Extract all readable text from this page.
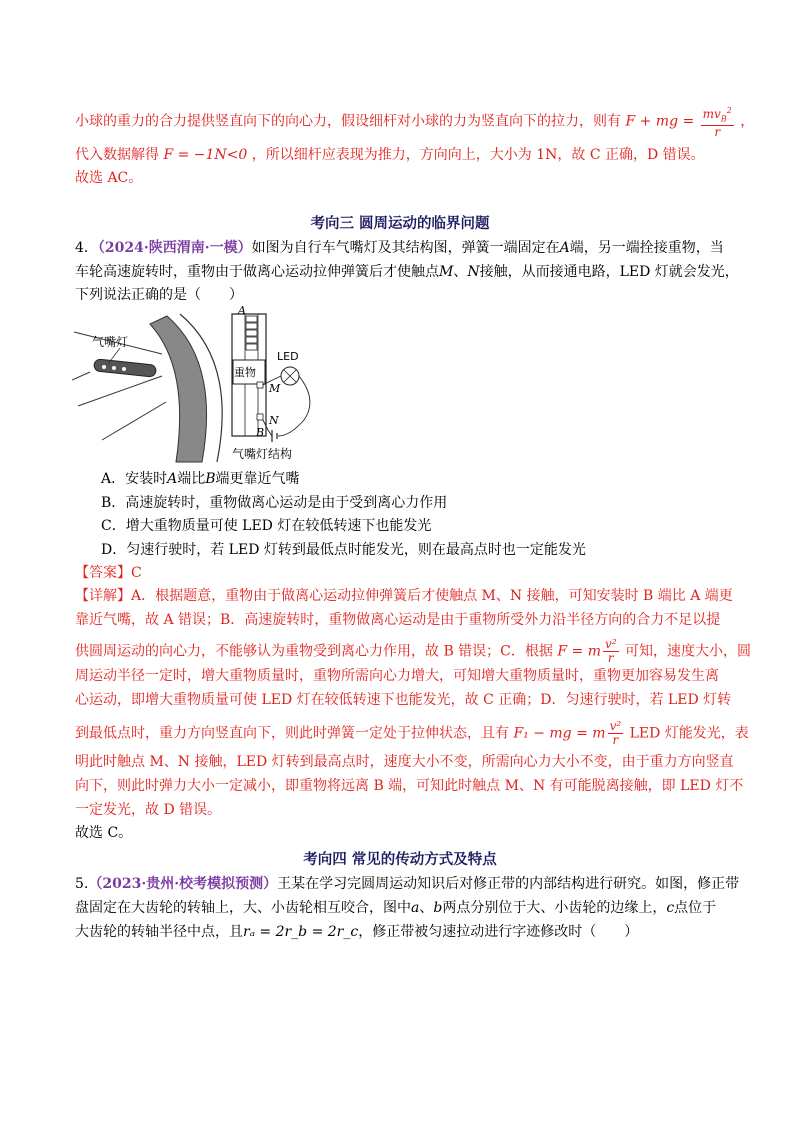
小球的重力的合力提供竖直向下的向心力，假设细杆对小球的力为竖直向下的拉力，则有 F + mg = $\frac{mv_B^2}{r}$ ，
代入数据解得 F = −1N<0 ，所以细杆应表现为推力，方向向上，大小为 1N，故 C 正确，D 错误。
故选 AC。
考向三 圆周运动的临界问题
4．（2024·陕西渭南·一模）如图为自行车气嘴灯及其结构图，弹簧一端固定在A端，另一端拴接重物，当
车轮高速旋转时，重物由于做离心运动拉伸弹簧后才使触点M、N接触，从而接通电路，LED 灯就会发光，
下列说法正确的是（　　）
气嘴灯
A
重物
M
N
B
LED
气嘴灯结构
A．安装时A端比B端更靠近气嘴
B．高速旋转时，重物做离心运动是由于受到离心力作用
C．增大重物质量可使 LED 灯在较低转速下也能发光
D．匀速行驶时，若 LED 灯转到最低点时能发光，则在最高点时也一定能发光
【答案】C
【详解】A．根据题意，重物由于做离心运动拉伸弹簧后才使触点 M、N 接触，可知安装时 B 端比 A 端更
靠近气嘴，故 A 错误；B．高速旋转时，重物做离心运动是由于重物所受外力沿半径方向的合力不足以提
供圆周运动的向心力，不能够认为重物受到离心力作用，故 B 错误；C．根据 F = m $\frac{\text{v²}}{r}$ 可知，速度大小，圆
周运动半径一定时，增大重物质量时，重物所需向心力增大，可知增大重物质量时，重物更加容易发生离
心运动，即增大重物质量可使 LED 灯在较低转速下也能发光，故 C 正确；D．匀速行驶时，若 LED 灯转
到最低点时，重力方向竖直向下，则此时弹簧一定处于拉伸状态，且有 F₁ − mg = m $\frac{\text{v²}}{r}$ LED 灯能发光，表
明此时触点 M、N 接触，LED 灯转到最高点时，速度大小不变，所需向心力大小不变，由于重力方向竖直
向下，则此时弹力大小一定减小，即重物将远离 B 端，可知此时触点 M、N 有可能脱离接触，即 LED 灯不
一定发光，故 D 错误。
故选 C。
考向四 常见的传动方式及特点
5.（2023·贵州·校考模拟预测）王某在学习完圆周运动知识后对修正带的内部结构进行研究。如图，修正带
盘固定在大齿轮的转轴上，大、小齿轮相互咬合，图中a、b两点分别位于大、小齿轮的边缘上，c点位于
大齿轮的转轴半径中点，且rₐ = 2r_b = 2r_c，修正带被匀速拉动进行字迹修改时（　　）
